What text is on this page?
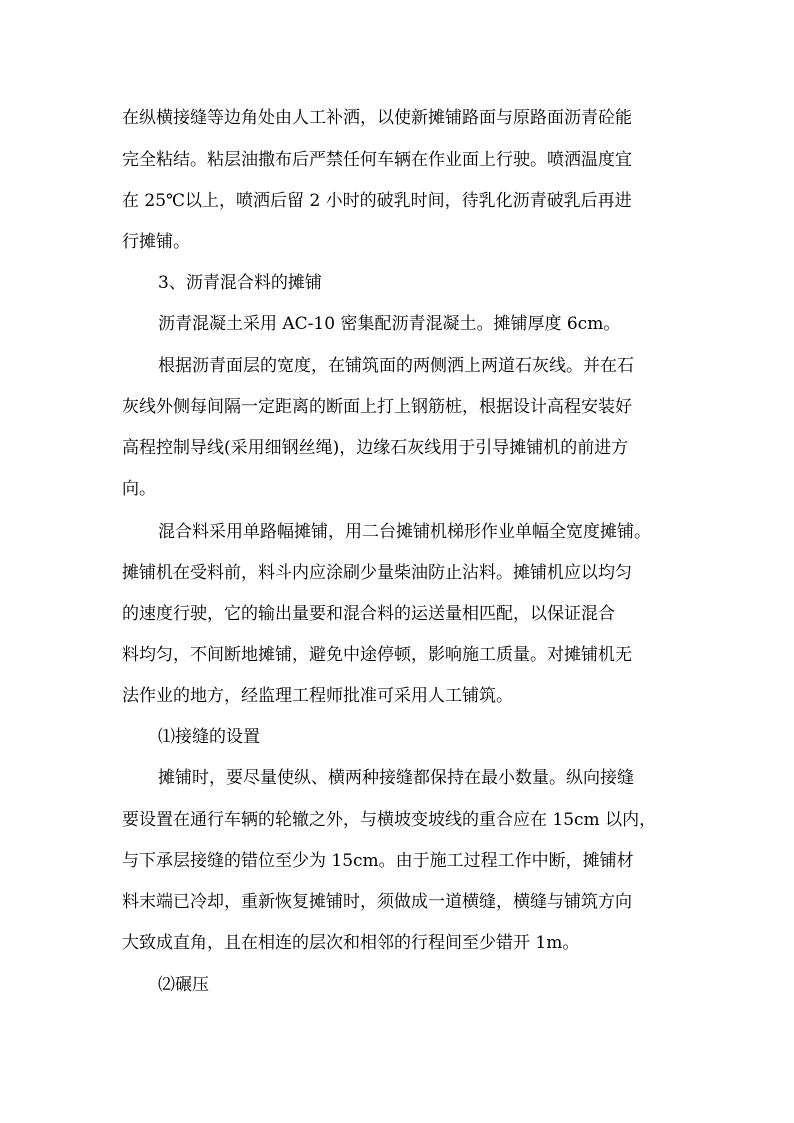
在纵横接缝等边角处由人工补洒，以使新摊铺路面与原路面沥青砼能
完全粘结。粘层油撒布后严禁任何车辆在作业面上行驶。喷洒温度宜
在 25℃以上，喷洒后留 2 小时的破乳时间，待乳化沥青破乳后再进
行摊铺。
3、沥青混合料的摊铺
沥青混凝土采用 AC-10 密集配沥青混凝土。摊铺厚度 6cm。
根据沥青面层的宽度，在铺筑面的两侧洒上两道石灰线。并在石
灰线外侧每间隔一定距离的断面上打上钢筋桩，根据设计高程安装好
高程控制导线(采用细钢丝绳)，边缘石灰线用于引导摊铺机的前进方
向。
混合料采用单路幅摊铺，用二台摊铺机梯形作业单幅全宽度摊铺。
摊铺机在受料前，料斗内应涂刷少量柴油防止沾料。摊铺机应以均匀
的速度行驶，它的输出量要和混合料的运送量相匹配，以保证混合
料均匀，不间断地摊铺，避免中途停顿，影响施工质量。对摊铺机无
法作业的地方，经监理工程师批准可采用人工铺筑。
⑴接缝的设置
摊铺时，要尽量使纵、横两种接缝都保持在最小数量。纵向接缝
要设置在通行车辆的轮辙之外，与横坡变坡线的重合应在 15cm 以内，
与下承层接缝的错位至少为 15cm。由于施工过程工作中断，摊铺材
料末端已冷却，重新恢复摊铺时，须做成一道横缝，横缝与铺筑方向
大致成直角，且在相连的层次和相邻的行程间至少错开 1m。
⑵碾压
